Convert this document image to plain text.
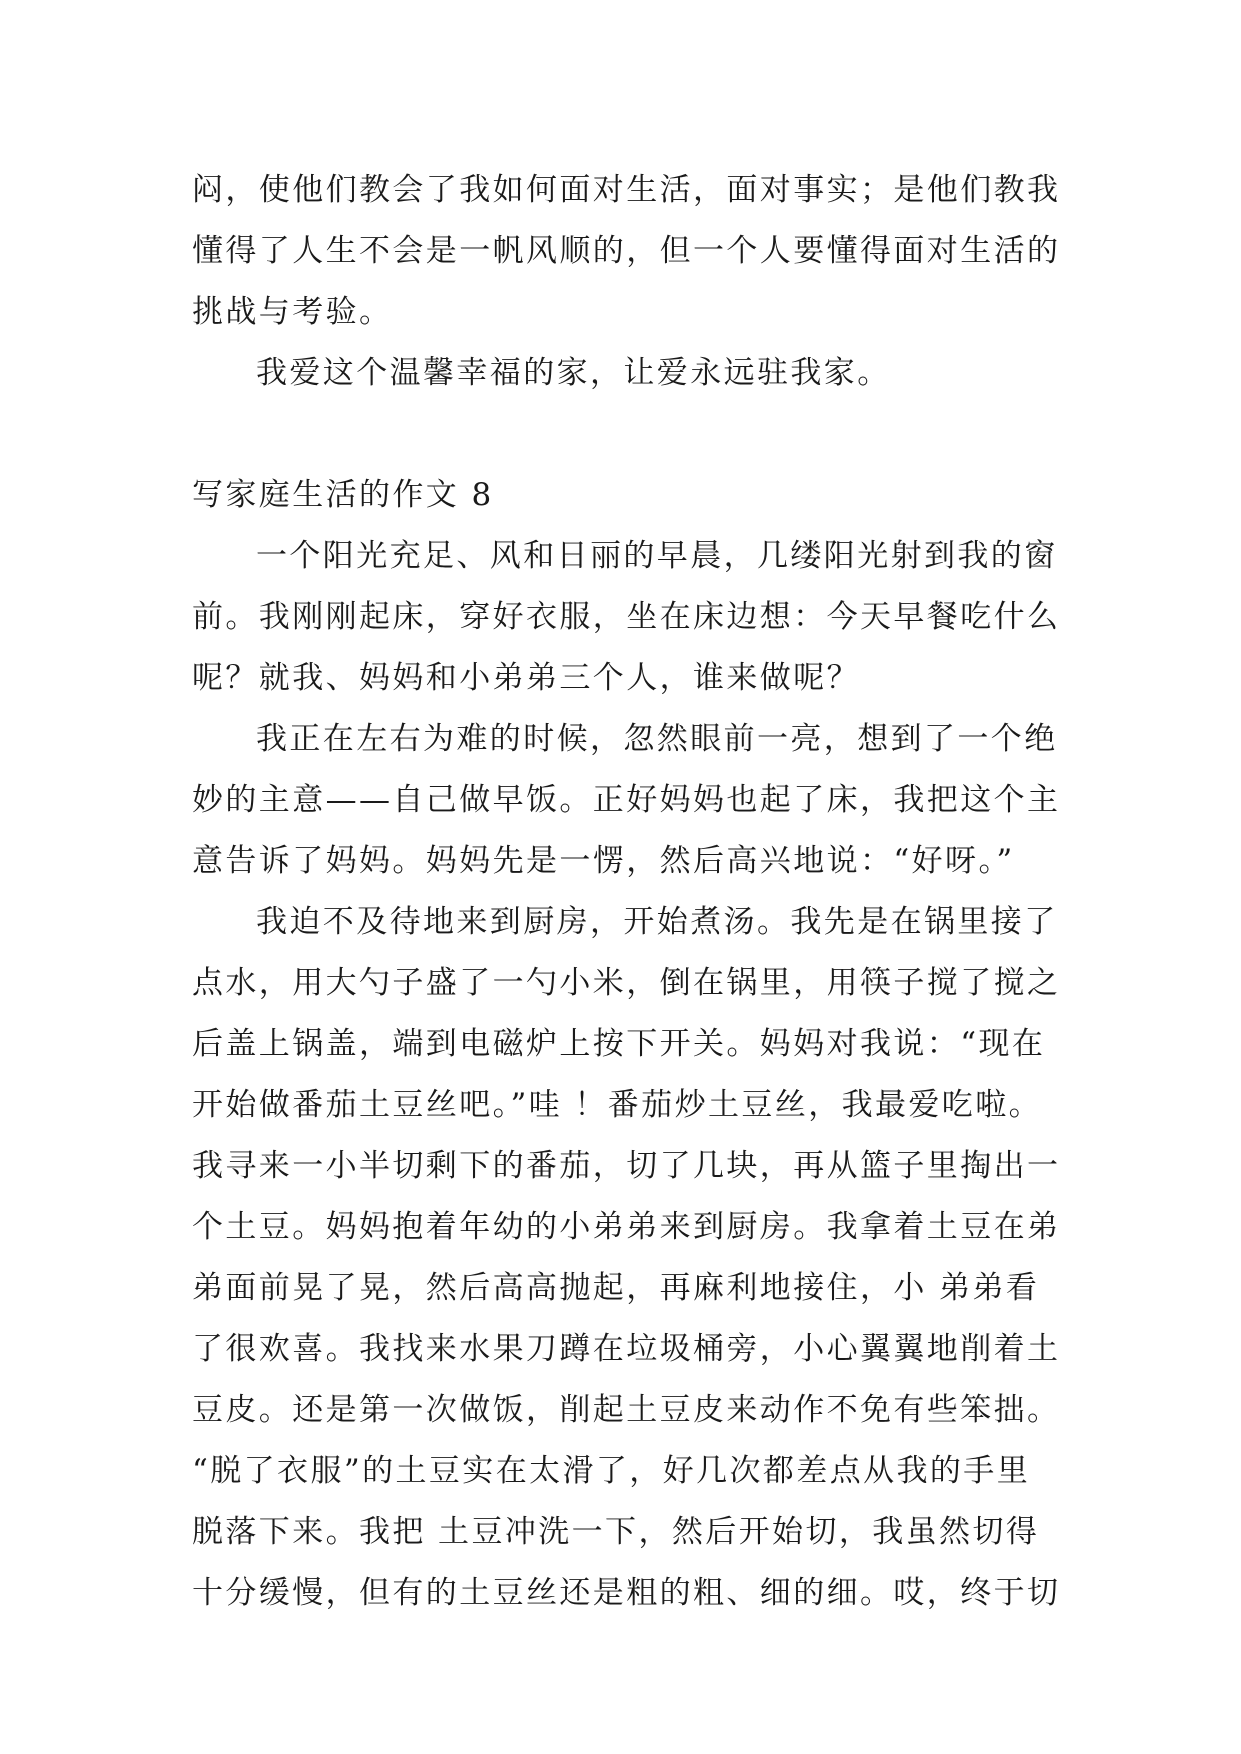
闷，使他们教会了我如何面对生活，面对事实；是他们教我
懂得了人生不会是一帆风顺的，但一个人要懂得面对生活的
挑战与考验。
我爱这个温馨幸福的家，让爱永远驻我家。
写家庭生活的作文 8
一个阳光充足、风和日丽的早晨，几缕阳光射到我的窗
前。我刚刚起床，穿好衣服，坐在床边想：今天早餐吃什么
呢？就我、妈妈和小弟弟三个人，谁来做呢？
我正在左右为难的时候，忽然眼前一亮，想到了一个绝
妙的主意——自己做早饭。正好妈妈也起了床，我把这个主
意告诉了妈妈。妈妈先是一愣，然后高兴地说：“好呀。”
我迫不及待地来到厨房，开始煮汤。我先是在锅里接了
点水，用大勺子盛了一勺小米，倒在锅里，用筷子搅了搅之
后盖上锅盖，端到电磁炉上按下开关。妈妈对我说：“现在
开始做番茄土豆丝吧。”哇 ！番茄炒土豆丝，我最爱吃啦。
我寻来一小半切剩下的番茄，切了几块，再从篮子里掏出一
个土豆。妈妈抱着年幼的小弟弟来到厨房。我拿着土豆在弟
弟面前晃了晃，然后高高抛起，再麻利地接住，小 弟弟看
了很欢喜。我找来水果刀蹲在垃圾桶旁，小心翼翼地削着土
豆皮。还是第一次做饭，削起土豆皮来动作不免有些笨拙。
“脱了衣服”的土豆实在太滑了，好几次都差点从我的手里
脱落下来。我把 土豆冲洗一下，然后开始切，我虽然切得
十分缓慢，但有的土豆丝还是粗的粗、细的细。哎，终于切
